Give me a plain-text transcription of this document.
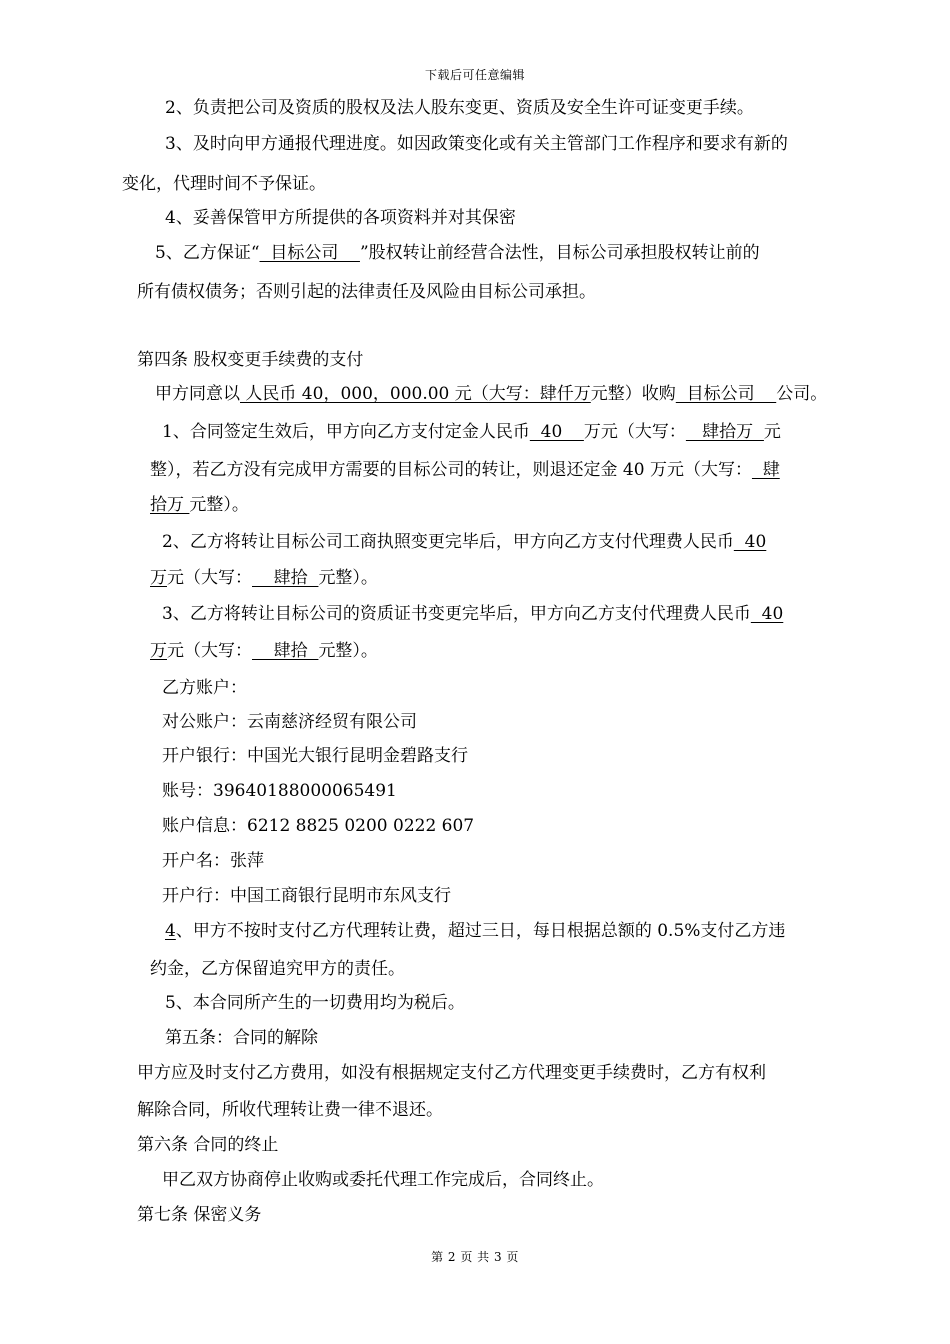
下载后可任意编辑
2、负责把公司及资质的股权及法人股东变更、资质及安全生许可证变更手续。
3、及时向甲方通报代理进度。如因政策变化或有关主管部门工作程序和要求有新的
变化，代理时间不予保证。
4、妥善保管甲方所提供的各项资料并对其保密
5、乙方保证“  目标公司    ”股权转让前经营合法性，目标公司承担股权转让前的
所有债权债务；否则引起的法律责任及风险由目标公司承担。
第四条 股权变更手续费的支付
甲方同意以 人民币 40，000，000.00 元（大写：肆仟万元整）收购  目标公司    公司。
1、合同签定生效后，甲方向乙方支付定金人民币  40    万元（大写：   肆拾万  元
整），若乙方没有完成甲方需要的目标公司的转让，则退还定金 40 万元（大写：  肆
拾万 元整）。
2、乙方将转让目标公司工商执照变更完毕后，甲方向乙方支付代理费人民币  40
万元（大写：    肆拾  元整）。
3、乙方将转让目标公司的资质证书变更完毕后，甲方向乙方支付代理费人民币  40
万元（大写：    肆拾  元整）。
乙方账户：
对公账户：云南慈济经贸有限公司
开户银行：中国光大银行昆明金碧路支行
账号：39640188000065491
账户信息：6212 8825 0200 0222 607
开户名：张萍
开户行：中国工商银行昆明市东风支行
4、甲方不按时支付乙方代理转让费，超过三日，每日根据总额的 0.5%支付乙方违
约金，乙方保留追究甲方的责任。
5、本合同所产生的一切费用均为税后。
第五条：合同的解除
甲方应及时支付乙方费用，如没有根据规定支付乙方代理变更手续费时，乙方有权利
解除合同，所收代理转让费一律不退还。
第六条 合同的终止
甲乙双方协商停止收购或委托代理工作完成后，合同终止。
第七条 保密义务
第 2 页 共 3 页
